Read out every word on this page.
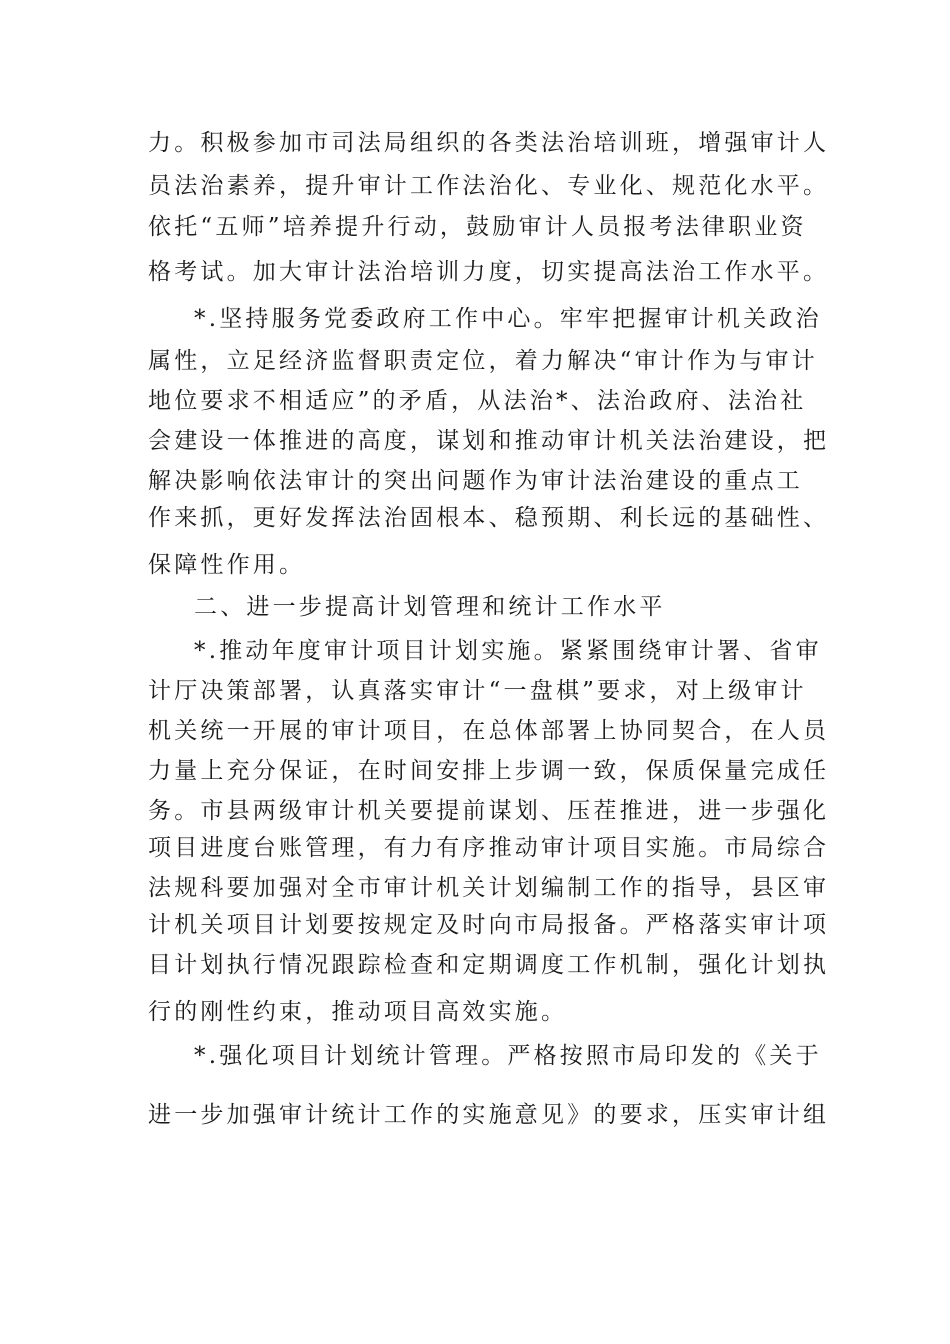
力。积极参加市司法局组织的各类法治培训班，增强审计人
员法治素养，提升审计工作法治化、专业化、规范化水平。
依托“五师”培养提升行动，鼓励审计人员报考法律职业资
格考试。加大审计法治培训力度，切实提高法治工作水平。
*.坚持服务党委政府工作中心。牢牢把握审计机关政治
属性，立足经济监督职责定位，着力解决“审计作为与审计
地位要求不相适应”的矛盾，从法治*、法治政府、法治社
会建设一体推进的高度，谋划和推动审计机关法治建设，把
解决影响依法审计的突出问题作为审计法治建设的重点工
作来抓，更好发挥法治固根本、稳预期、利长远的基础性、
保障性作用。
二、进一步提高计划管理和统计工作水平
*.推动年度审计项目计划实施。紧紧围绕审计署、省审
计厅决策部署，认真落实审计“一盘棋”要求，对上级审计
机关统一开展的审计项目，在总体部署上协同契合，在人员
力量上充分保证，在时间安排上步调一致，保质保量完成任
务。市县两级审计机关要提前谋划、压茬推进，进一步强化
项目进度台账管理，有力有序推动审计项目实施。市局综合
法规科要加强对全市审计机关计划编制工作的指导，县区审
计机关项目计划要按规定及时向市局报备。严格落实审计项
目计划执行情况跟踪检查和定期调度工作机制，强化计划执
行的刚性约束，推动项目高效实施。
*.强化项目计划统计管理。严格按照市局印发的《关于
进一步加强审计统计工作的实施意见》的要求，压实审计组
